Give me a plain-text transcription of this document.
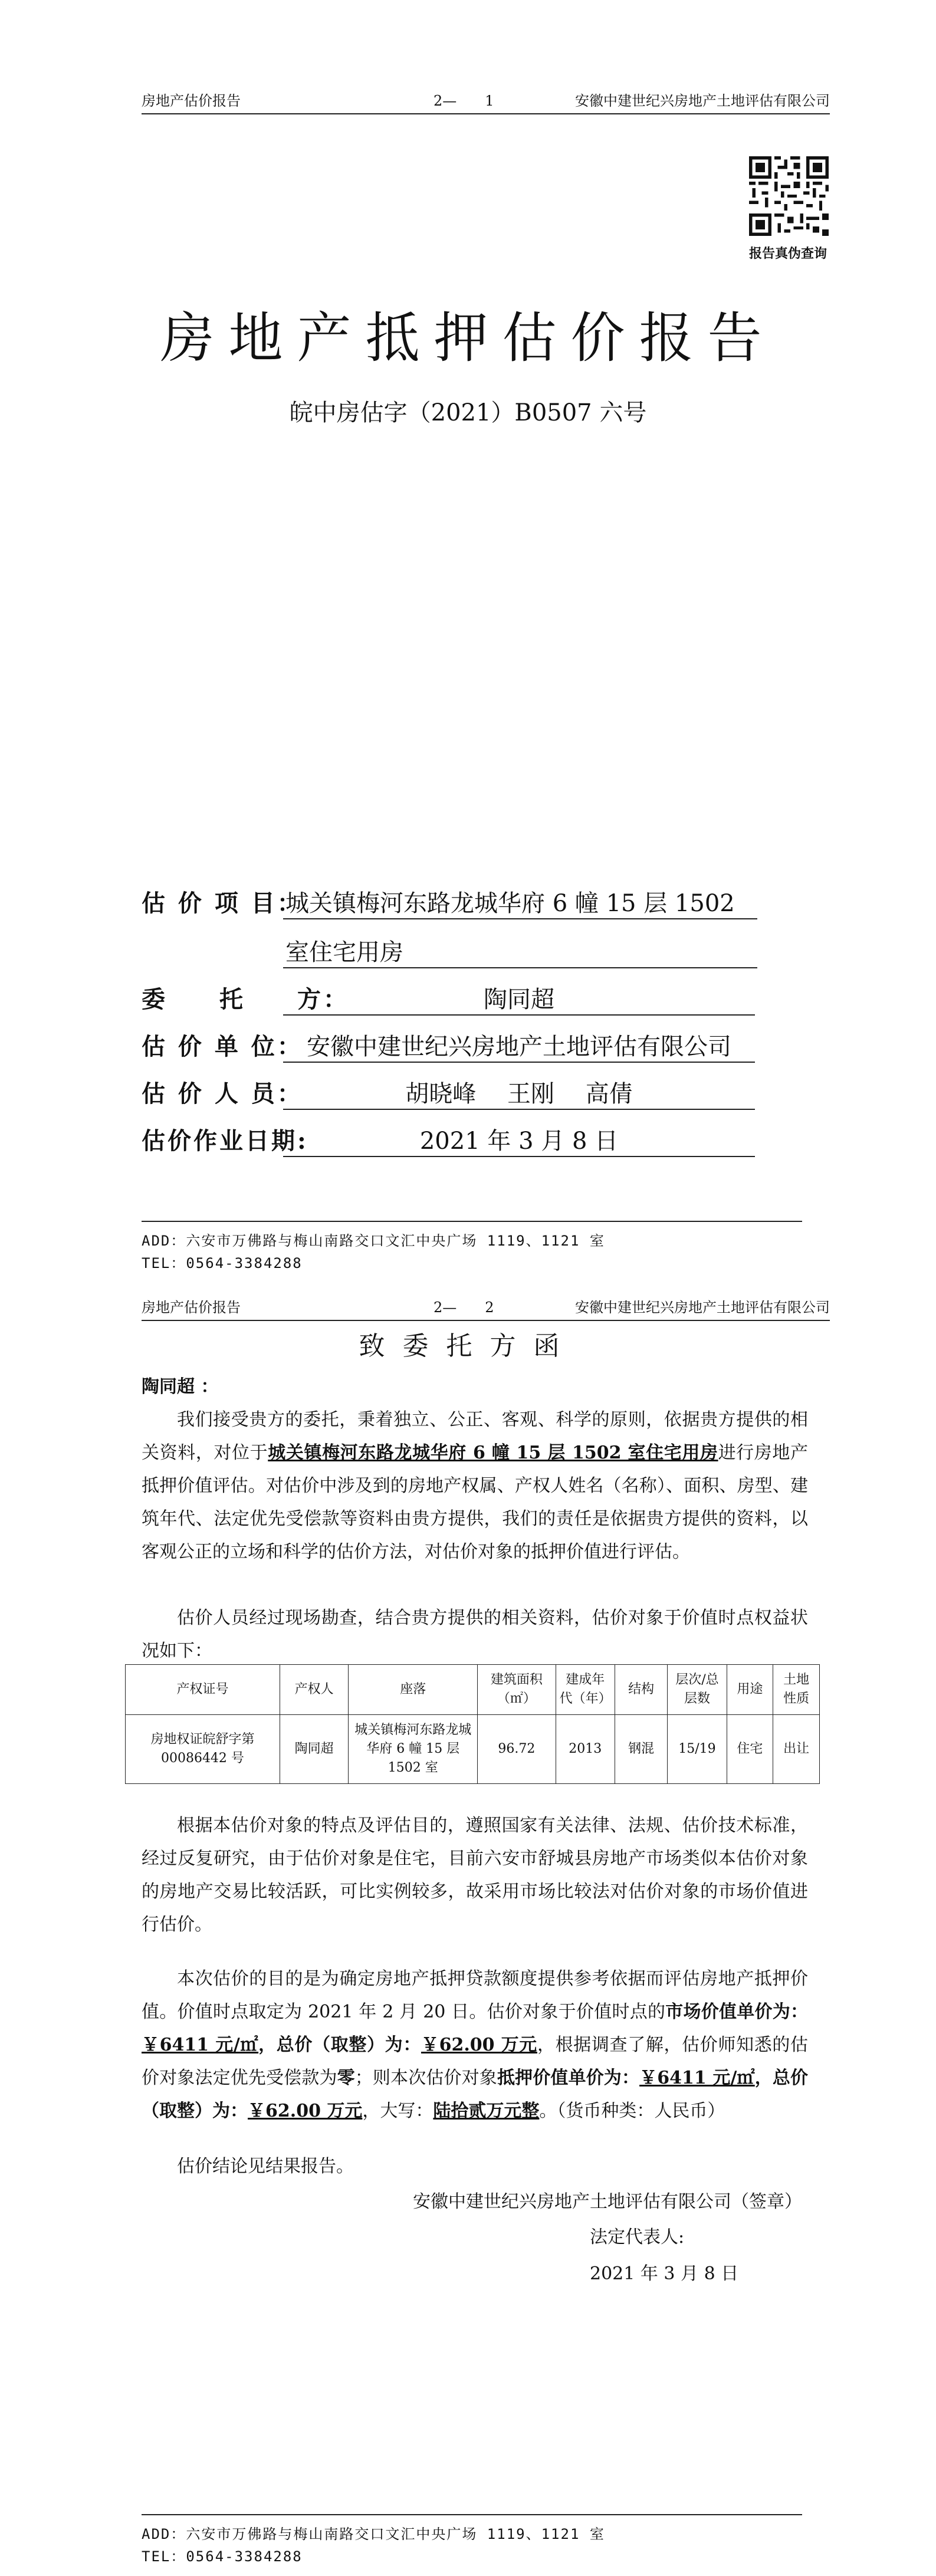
房地产估价报告	2—　　1	安徽中建世纪兴房地产土地评估有限公司
报告真伪查询
房地产抵押估价报告
皖中房估字（2021）B0507 六号
估 价 项 目：
城关镇梅河东路龙城华府 6 幢 15 层 1502
室住宅用房
委　　托　　方：	陶同超
估 价 单 位： 安徽中建世纪兴房地产土地评估有限公司
估 价 人 员：	胡晓峰　 王刚　 高倩
估价作业日期:	2021 年 3 月 8 日
ADD：六安市万佛路与梅山南路交口文汇中央广场 1119、1121 室
TEL：0564-3384288
房地产估价报告	2—　　2	安徽中建世纪兴房地产土地评估有限公司
致委托方函
陶同超 ：
我们接受贵方的委托，秉着独立、公正、客观、科学的原则，依据贵方提供的相关资料，对位于城关镇梅河东路龙城华府 6 幢 15 层 1502 室住宅用房进行房地产抵押价值评估。对估价中涉及到的房地产权属、产权人姓名（名称）、面积、房型、建筑年代、法定优先受偿款等资料由贵方提供，我们的责任是依据贵方提供的资料，以客观公正的立场和科学的估价方法，对估价对象的抵押价值进行评估。
估价人员经过现场勘查，结合贵方提供的相关资料，估价对象于价值时点权益状况如下：
产权证号	产权人	座落	建筑面积（㎡）	建成年代（年）	结构	层次/总层数	用途	土地性质
房地权证皖舒字第 00086442 号	陶同超	城关镇梅河东路龙城华府 6 幢 15 层 1502 室	96.72	2013	钢混	15/19	住宅	出让
根据本估价对象的特点及评估目的，遵照国家有关法律、法规、估价技术标准，经过反复研究，由于估价对象是住宅，目前六安市舒城县房地产市场类似本估价对象的房地产交易比较活跃，可比实例较多，故采用市场比较法对估价对象的市场价值进行估价。
本次估价的目的是为确定房地产抵押贷款额度提供参考依据而评估房地产抵押价值。价值时点取定为 2021 年 2 月 20 日。估价对象于价值时点的市场价值单价为：￥6411 元/㎡，总价（取整）为：￥62.00 万元，根据调查了解，估价师知悉的估价对象法定优先受偿款为零；则本次估价对象抵押价值单价为：￥6411 元/㎡，总价（取整）为：￥62.00 万元，大写：陆拾贰万元整。（货币种类：人民币）
估价结论见结果报告。
安徽中建世纪兴房地产土地评估有限公司（签章）
法定代表人:
2021 年 3 月 8 日
ADD：六安市万佛路与梅山南路交口文汇中央广场 1119、1121 室
TEL：0564-3384288
